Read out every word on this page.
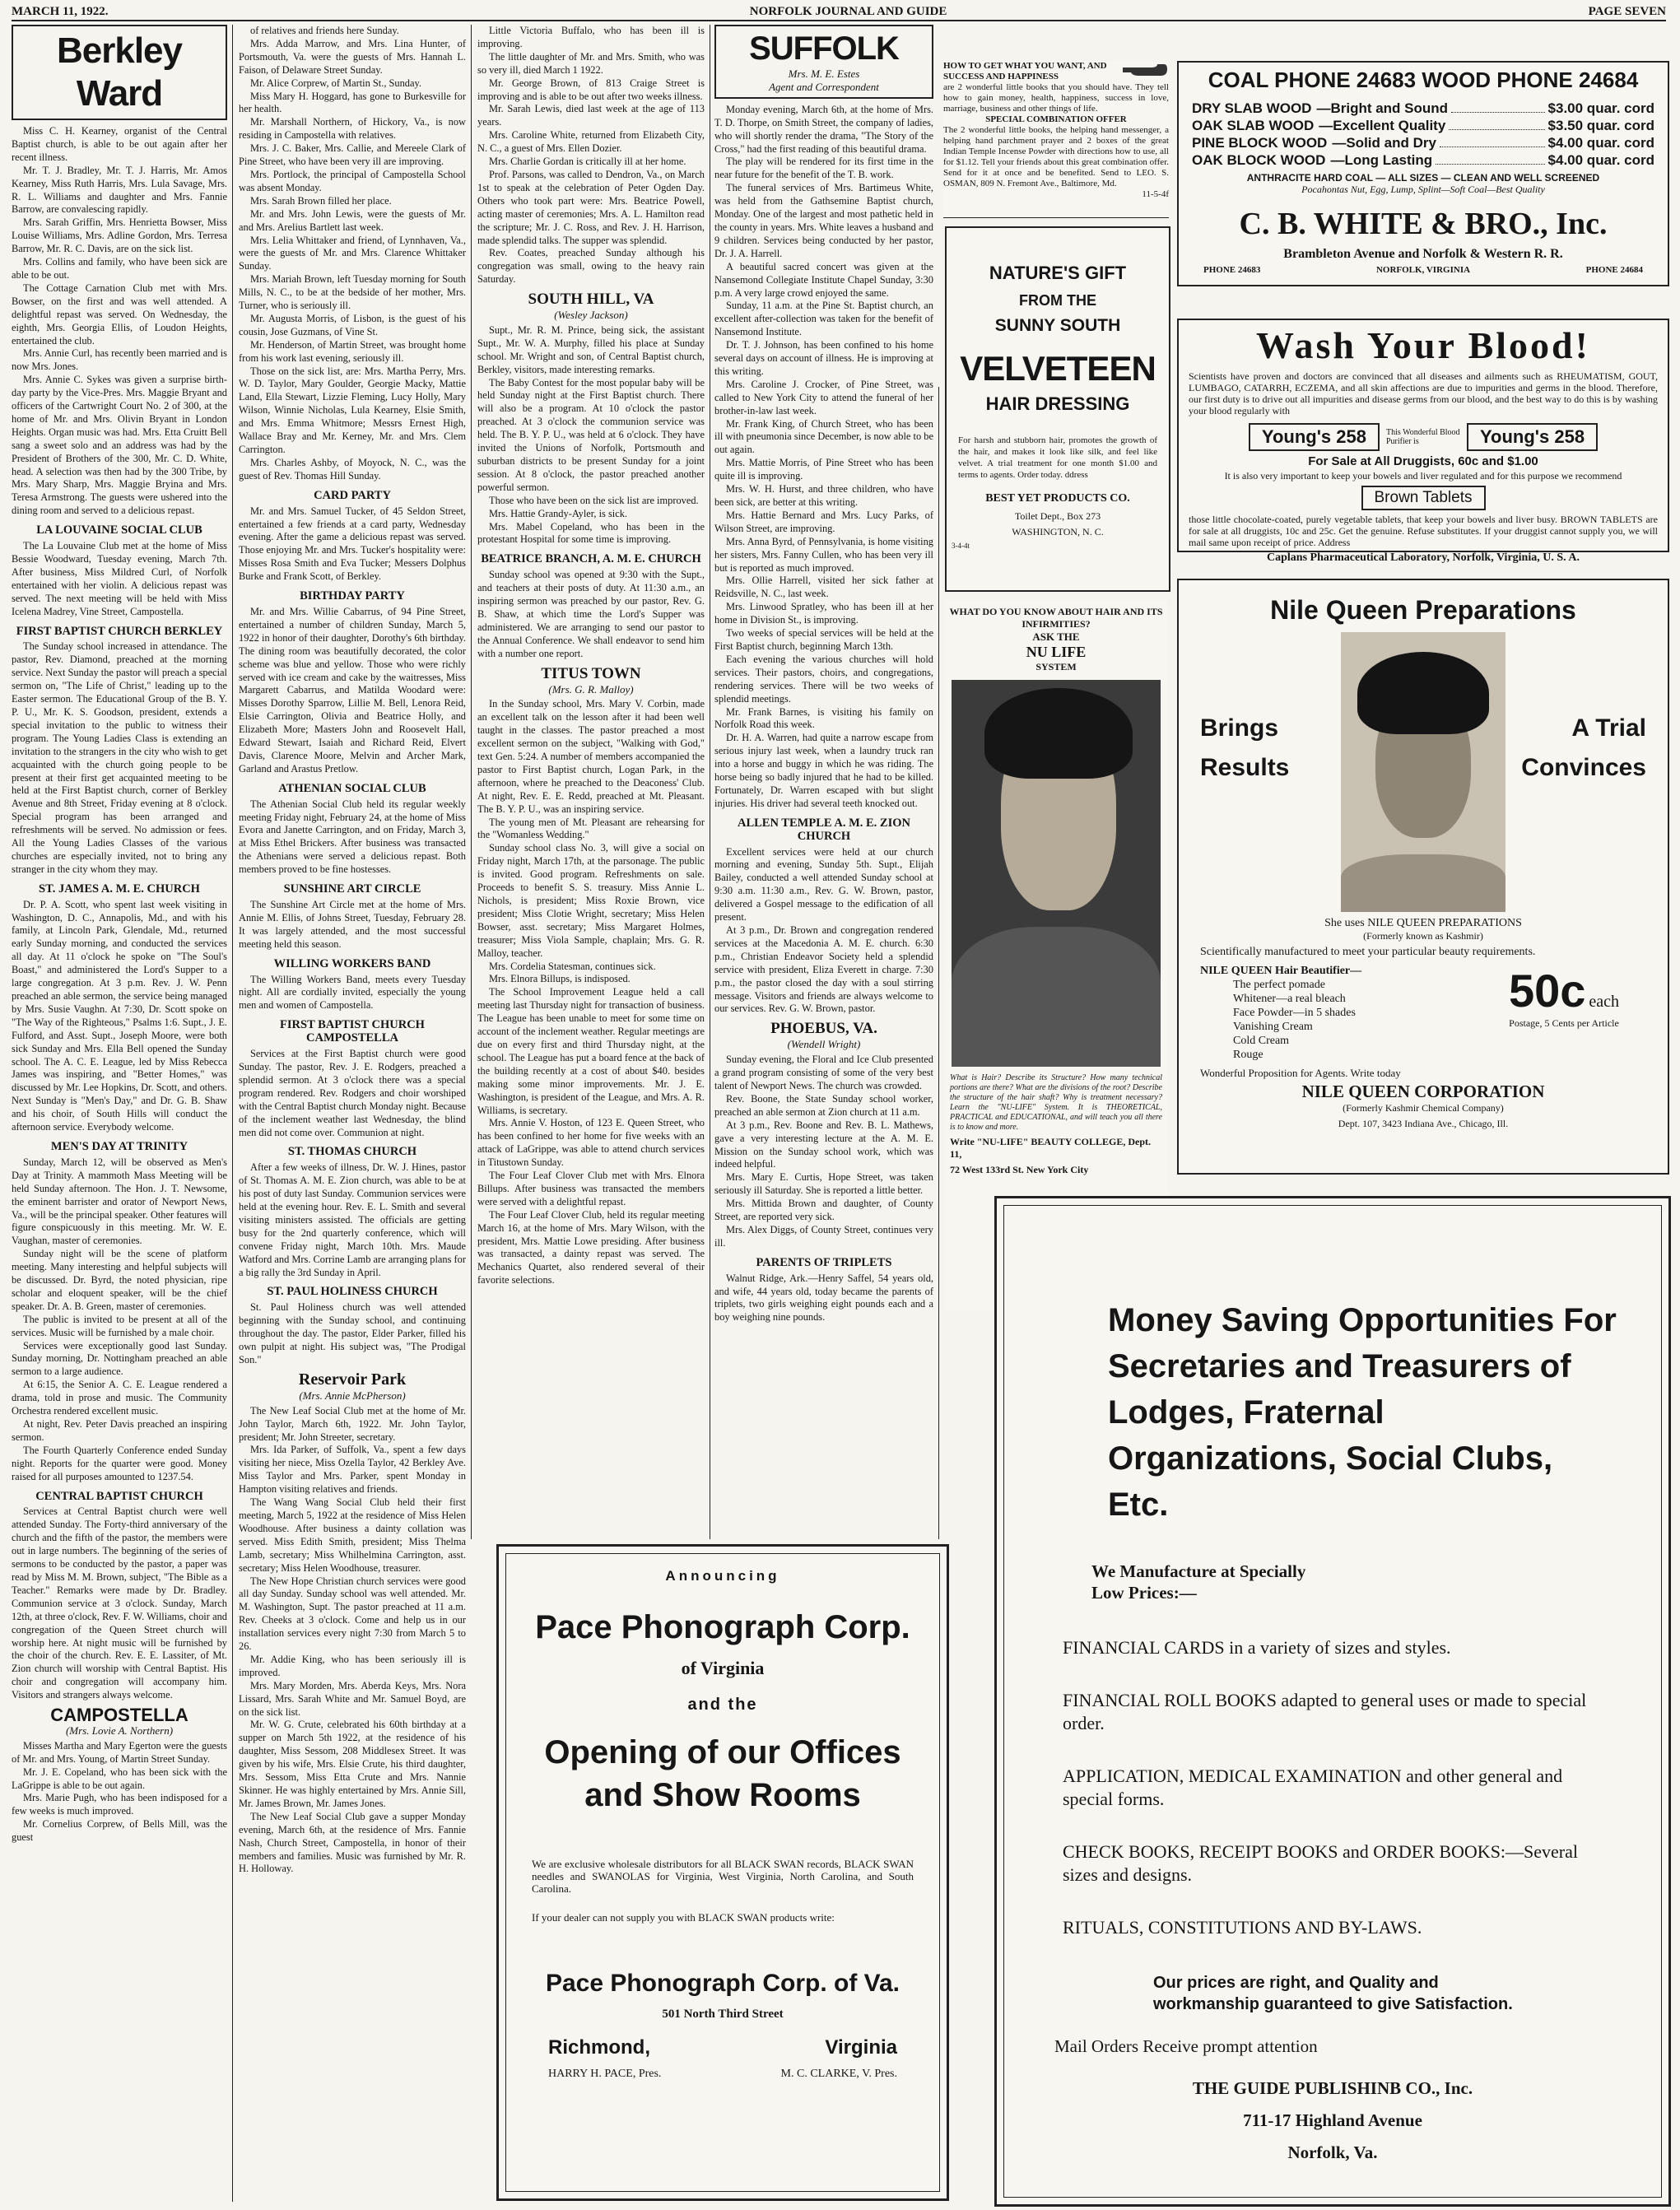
MARCH 11, 1922.	NORFOLK JOURNAL AND GUIDE	PAGE SEVEN
Berkley Ward

Miss C. H. Kearney, organist of the Central Baptist church, is able to be out again after her recent illness.

Mr. T. J. Bradley, Mr. T. J. Harris, Mr. Amos Kearney, Miss Ruth Harris, Mrs. Lula Savage, Mrs. R. L. Williams and daughter and Mrs. Fannie Barrow, are convalescing rapidly.

Mrs. Sarah Griffin, Mrs. Henrietta Bowser, Miss Louise Williams, Mrs. Adline Gordon, Mrs. Terresa Barrow, Mr. R. C. Davis, are on the sick list.

Mrs. Collins and family, who have been sick are able to be out.

The Cottage Carnation Club met with Mrs. Bowser, on the first and was well attended. A delightful repast was served. On Wednesday, the eighth, Mrs. Georgia Ellis, of Loudon Heights, entertained the club.

Mrs. Annie Curl, has recently been married and is now Mrs. Jones.

Mrs. Annie C. Sykes was given a surprise birth-day party by the Vice-Pres. Mrs. Maggie Bryant and officers of the Cartwright Court No. 2 of 300, at the home of Mr. and Mrs. Olivin Bryant in London Heights. Organ music was had. Mrs. Etta Cruitt Bell sang a sweet solo and an address was had by the President of Brothers of the 300, Mr. C. D. White, head. A selection was then had by the 300 Tribe, by Mrs. Mary Sharp, Mrs. Maggie Bryina and Mrs. Teresa Armstrong. The guests were ushered into the dining room and served to a delicious repast.

LA LOUVAINE SOCIAL CLUB

The La Louvaine Club met at the home of Miss Bessie Woodward, Tuesday evening, March 7th. After business, Miss Mildred Curl, of Norfolk entertained with her violin. A delicious repast was served. The next meeting will be held with Miss Icelena Madrey, Vine Street, Campostella.

FIRST BAPTIST CHURCH BERKLEY

The Sunday school increased in attendance. The pastor, Rev. Diamond, preached at the morning service. Next Sunday the pastor will preach a special sermon on, "The Life of Christ," leading up to the Easter sermon. The Educational Group of the B. Y. P. U., Mr. K. S. Goodson, president, extends a special invitation to the public to witness their program. The Young Ladies Class is extending an invitation to the strangers in the city who wish to get acquainted with the church going people to be present at their first get acquainted meeting to be held at the First Baptist church, corner of Berkley Avenue and 8th Street, Friday evening at 8 o'clock. Special program has been arranged and refreshments will be served. No admission or fees. All the Young Ladies Classes of the various churches are especially invited, not to bring any stranger in the city whom they may.

ST. JAMES A. M. E. CHURCH

Dr. P. A. Scott, who spent last week visiting in Washington, D. C., Annapolis, Md., and with his family, at Lincoln Park, Glendale, Md., returned early Sunday morning, and conducted the services all day. At 11 o'clock he spoke on "The Soul's Boast," and administered the Lord's Supper to a large congregation. At 3 p.m. Rev. J. W. Penn preached an able sermon, the service being managed by Mrs. Susie Vaughn. At 7:30, Dr. Scott spoke on "The Way of the Righteous," Psalms 1:6. Supt., J. E. Fulford, and Asst. Supt., Joseph Moore, were both sick Sunday and Mrs. Ella Bell opened the Sunday school. The A. C. E. League, led by Miss Rebecca James was inspiring, and "Better Homes," was discussed by Mr. Lee Hopkins, Dr. Scott, and others. Next Sunday is "Men's Day," and Dr. G. B. Shaw and his choir, of South Hills will conduct the afternoon service. Everybody welcome.

MEN'S DAY AT TRINITY

Sunday, March 12, will be observed as Men's Day at Trinity. A mammoth Mass Meeting will be held Sunday afternoon. The Hon. J. T. Newsome, the eminent barrister and orator of Newport News, Va., will be the principal speaker. Other features will figure conspicuously in this meeting. Mr. W. E. Vaughan, master of ceremonies.

Sunday night will be the scene of platform meeting. Many interesting and helpful subjects will be discussed. Dr. Byrd, the noted physician, ripe scholar and eloquent speaker, will be the chief speaker. Dr. A. B. Green, master of ceremonies.

The public is invited to be present at all of the services. Music will be furnished by a male choir.

Services were exceptionally good last Sunday. Sunday morning, Dr. Nottingham preached an able sermon to a large audience.

At 6:15, the Senior A. C. E. League rendered a drama, told in prose and music. The Community Orchestra rendered excellent music.

At night, Rev. Peter Davis preached an inspiring sermon.

The Fourth Quarterly Conference ended Sunday night. Reports for the quarter were good. Money raised for all purposes amounted to 1237.54.

CENTRAL BAPTIST CHURCH

Services at Central Baptist church were well attended Sunday. The Forty-third anniversary of the church and the fifth of the pastor, the members were out in large numbers. The beginning of the series of sermons to be conducted by the pastor, a paper was read by Miss M. M. Brown, subject, "The Bible as a Teacher." Remarks were made by Dr. Bradley. Communion service at 3 o'clock. Sunday, March 12th, at three o'clock, Rev. F. W. Williams, choir and congregation of the Queen Street church will worship here. At night music will be furnished by the choir of the church. Rev. E. E. Lassiter, of Mt. Zion church will worship with Central Baptist. His choir and congregation will accompany him. Visitors and strangers always welcome.

CAMPOSTELLA
(Mrs. Lovie A. Northern)

Misses Martha and Mary Egerton were the guests of Mr. and Mrs. Young, of Martin Street Sunday.

Mr. J. E. Copeland, who has been sick with the LaGrippe is able to be out again.

Mrs. Marie Pugh, who has been indisposed for a few weeks is much improved.

Mr. Cornelius Corprew, of Bells Mill, was the guest

of relatives and friends here Sunday.

Mrs. Adda Marrow, and Mrs. Lina Hunter, of Portsmouth, Va. were the guests of Mrs. Hannah L. Faison, of Delaware Street Sunday.

Mr. Alice Corprew, of Martin St., Sunday.

Miss Mary H. Hoggard, has gone to Burkesville for her health.

Mr. Marshall Northern, of Hickory, Va., is now residing in Campostella with relatives.

Mrs. J. C. Baker, Mrs. Callie, and Mereele Clark of Pine Street, who have been very ill are improving.

Mrs. Portlock, the principal of Campostella School was absent Monday.

Mrs. Sarah Brown filled her place.

Mr. and Mrs. John Lewis, were the guests of Mr. and Mrs. Arelius Bartlett last week.

Mrs. Lelia Whittaker and friend, of Lynnhaven, Va., were the guests of Mr. and Mrs. Clarence Whittaker Sunday.

Mrs. Mariah Brown, left Tuesday morning for South Mills, N. C., to be at the bedside of her mother, Mrs. Turner, who is seriously ill.

Mr. Augusta Morris, of Lisbon, is the guest of his cousin, Jose Guzmans, of Vine St.

Mr. Henderson, of Martin Street, was brought home from his work last evening, seriously ill.

Those on the sick list, are: Mrs. Martha Perry, Mrs. W. D. Taylor, Mary Goulder, Georgie Macky, Mattie Land, Ella Stewart, Lizzie Fleming, Lucy Holly, Mary Wilson, Winnie Nicholas, Lula Kearney, Elsie Smith, and Mrs. Emma Whitmore; Messrs Ernest High, Wallace Bray and Mr. Kerney, Mr. and Mrs. Clem Carrington.

Mrs. Charles Ashby, of Moyock, N. C., was the guest of Rev. Thomas Hill Sunday.

CARD PARTY

Mr. and Mrs. Samuel Tucker, of 45 Seldon Street, entertained a few friends at a card party, Wednesday evening. After the game a delicious repast was served. Those enjoying Mr. and Mrs. Tucker's hospitality were: Misses Rosa Smith and Eva Tucker; Messers Dolphus Burke and Frank Scott, of Berkley.

BIRTHDAY PARTY

Mr. and Mrs. Willie Cabarrus, of 94 Pine Street, entertained a number of children Sunday, March 5, 1922 in honor of their daughter, Dorothy's 6th birthday. The dining room was beautifully decorated, the color scheme was blue and yellow. Those who were richly served with ice cream and cake by the waitresses, Miss Margarett Cabarrus, and Matilda Woodard were: Misses Dorothy Sparrow, Lillie M. Bell, Lenora Reid, Elsie Carrington, Olivia and Beatrice Holly, and Elizabeth More; Masters John and Roosevelt Hall, Edward Stewart, Isaiah and Richard Reid, Elvert Davis, Clarence Moore, Melvin and Archer Mark, Garland and Arastus Pretlow.

ATHENIAN SOCIAL CLUB

The Athenian Social Club held its regular weekly meeting Friday night, February 24, at the home of Miss Evora and Janette Carrington, and on Friday, March 3, at Miss Ethel Brickers. After business was transacted the Athenians were served a delicious repast. Both members proved to be fine hostesses.

SUNSHINE ART CIRCLE

The Sunshine Art Circle met at the home of Mrs. Annie M. Ellis, of Johns Street, Tuesday, February 28. It was largely attended, and the most successful meeting held this season.

WILLING WORKERS BAND

The Willing Workers Band, meets every Tuesday night. All are cordially invited, especially the young men and women of Campostella.

FIRST BAPTIST CHURCH CAMPOSTELLA

Services at the First Baptist church were good Sunday. The pastor, Rev. J. E. Rodgers, preached a splendid sermon. At 3 o'clock there was a special program rendered. Rev. Rodgers and choir worshiped with the Central Baptist church Monday night. Because of the inclement weather last Wednesday, the blind men did not come over. Communion at night.

ST. THOMAS CHURCH

After a few weeks of illness, Dr. W. J. Hines, pastor of St. Thomas A. M. E. Zion church, was able to be at his post of duty last Sunday. Communion services were held at the evening hour. Rev. E. L. Smith and several visiting ministers assisted. The officials are getting busy for the 2nd quarterly conference, which will convene Friday night, March 10th. Mrs. Maude Watford and Mrs. Corrine Lamb are arranging plans for a big rally the 3rd Sunday in April.

ST. PAUL HOLINESS CHURCH

St. Paul Holiness church was well attended beginning with the Sunday school, and continuing throughout the day. The pastor, Elder Parker, filled his own pulpit at night. His subject was, "The Prodigal Son."

Reservoir Park
(Mrs. Annie McPherson)

The New Leaf Social Club met at the home of Mr. John Taylor, March 6th, 1922. Mr. John Taylor, president; Mr. John Streeter, secretary.

Mrs. Ida Parker, of Suffolk, Va., spent a few days visiting her niece, Miss Ozella Taylor, 42 Berkley Ave. Miss Taylor and Mrs. Parker, spent Monday in Hampton visiting relatives and friends.

The Wang Wang Social Club held their first meeting, March 5, 1922 at the residence of Miss Helen Woodhouse. After business a dainty collation was served. Miss Edith Smith, president; Miss Thelma Lamb, secretary; Miss Whilhelmina Carrington, asst. secretary; Miss Helen Woodhouse, treasurer.

The New Hope Christian church services were good all day Sunday. Sunday school was well attended. Mr. M. Washington, Supt. The pastor preached at 11 a.m. Rev. Cheeks at 3 o'clock. Come and help us in our installation services every night 7:30 from March 5 to 26.

Mr. Addie King, who has been seriously ill is improved.

Mrs. Mary Morden, Mrs. Aberda Keys, Mrs. Nora Lissard, Mrs. Sarah White and Mr. Samuel Boyd, are on the sick list.

Mr. W. G. Crute, celebrated his 60th birthday at a supper on March 5th 1922, at the residence of his daughter, Miss Sessom, 208 Middlesex Street. It was given by his wife, Mrs. Elsie Crute, his third daughter, Mrs. Sessom, Miss Etta Crute and Mrs. Nannie Skinner. He was highly entertained by Mrs. Annie Sill, Mr. James Brown, Mr. James Jones.

The New Leaf Social Club gave a supper Monday evening, March 6th, at the residence of Mrs. Fannie Nash, Church Street, Campostella, in honor of their members and families. Music was furnished by Mr. R. H. Holloway.

Little Victoria Buffalo, who has been ill is improving.

The little daughter of Mr. and Mrs. Smith, who was so very ill, died March 1 1922.

Mr. George Brown, of 813 Craige Street is improving and is able to be out after two weeks illness.

Mr. Sarah Lewis, died last week at the age of 113 years.

Mrs. Caroline White, returned from Elizabeth City, N. C., a guest of Mrs. Ellen Dozier.

Mrs. Charlie Gordan is critically ill at her home.

Prof. Parsons, was called to Dendron, Va., on March 1st to speak at the celebration of Peter Ogden Day. Others who took part were: Mrs. Beatrice Powell, acting master of ceremonies; Mrs. A. L. Hamilton read the scripture; Mr. J. C. Ross, and Rev. J. H. Harrison, made splendid talks. The supper was splendid.

Rev. Coates, preached Sunday although his congregation was small, owing to the heavy rain Saturday.

SOUTH HILL, VA
(Wesley Jackson)

Supt., Mr. R. M. Prince, being sick, the assistant Supt., Mr. W. A. Murphy, filled his place at Sunday school. Mr. Wright and son, of Central Baptist church, Berkley, visitors, made interesting remarks.

The Baby Contest for the most popular baby will be held Sunday night at the First Baptist church. There will also be a program. At 10 o'clock the pastor preached. At 3 o'clock the communion service was held. The B. Y. P. U., was held at 6 o'clock. They have invited the Unions of Norfolk, Portsmouth and suburban districts to be present Sunday for a joint session. At 8 o'clock, the pastor preached another powerful sermon.

Those who have been on the sick list are improved.

Mrs. Hattie Grandy-Ayler, is sick.

Mrs. Mabel Copeland, who has been in the protestant Hospital for some time is improving.

BEATRICE BRANCH, A. M. E. CHURCH

Sunday school was opened at 9:30 with the Supt., and teachers at their posts of duty. At 11:30 a.m., an inspiring sermon was preached by our pastor, Rev. G. B. Shaw, at which time the Lord's Supper was administered. We are arranging to send our pastor to the Annual Conference. We shall endeavor to send him with a number one report.

TITUS TOWN
(Mrs. G. R. Malloy)

In the Sunday school, Mrs. Mary V. Corbin, made an excellent talk on the lesson after it had been well taught in the classes. The pastor preached a most excellent sermon on the subject, "Walking with God," text Gen. 5:24. A number of members accompanied the pastor to First Baptist church, Logan Park, in the afternoon, where he preached to the Deaconess' Club. At night, Rev. E. E. Redd, preached at Mt. Pleasant. The B. Y. P. U., was an inspiring service.

The young men of Mt. Pleasant are rehearsing for the "Womanless Wedding."

Sunday school class No. 3, will give a social on Friday night, March 17th, at the parsonage. The public is invited. Good program. Refreshments on sale. Proceeds to benefit S. S. treasury. Miss Annie L. Nichols, is president; Miss Roxie Brown, vice president; Miss Clotie Wright, secretary; Miss Helen Bowser, asst. secretary; Miss Margaret Holmes, treasurer; Miss Viola Sample, chaplain; Mrs. G. R. Malloy, teacher.

Mrs. Cordelia Statesman, continues sick.

Mrs. Elnora Billups, is indisposed.

The School Improvement League held a call meeting last Thursday night for transaction of business. The League has been unable to meet for some time on account of the inclement weather. Regular meetings are due on every first and third Thursday night, at the school. The League has put a board fence at the back of the building recently at a cost of about $40. besides making some minor improvements. Mr. J. E. Washington, is president of the League, and Mrs. A. R. Williams, is secretary.

Mrs. Annie V. Hoston, of 123 E. Queen Street, who has been confined to her home for five weeks with an attack of LaGrippe, was able to attend church services in Titustown Sunday.

The Four Leaf Clover Club met with Mrs. Elnora Billups. After business was transacted the members were served with a delightful repast.

The Four Leaf Clover Club, held its regular meeting March 16, at the home of Mrs. Mary Wilson, with the president, Mrs. Mattie Lowe presiding. After business was transacted, a dainty repast was served. The Mechanics Quartet, also rendered several of their favorite selections.

SUFFOLK
Mrs. M. E. Estes
Agent and Correspondent

Monday evening, March 6th, at the home of Mrs. T. D. Thorpe, on Smith Street, the company of ladies, who will shortly render the drama, "The Story of the Cross," had the first reading of this beautiful drama.

The play will be rendered for its first time in the near future for the benefit of the T. B. work.

The funeral services of Mrs. Bartimeus White, was held from the Gathsemine Baptist church, Monday. One of the largest and most pathetic held in the county in years. Mrs. White leaves a husband and 9 children. Services being conducted by her pastor, Dr. J. A. Harrell.

A beautiful sacred concert was given at the Nansemond Collegiate Institute Chapel Sunday, 3:30 p.m. A very large crowd enjoyed the same.

Sunday, 11 a.m. at the Pine St. Baptist church, an excellent after-collection was taken for the benefit of Nansemond Institute.

Dr. T. J. Johnson, has been confined to his home several days on account of illness. He is improving at this writing.

Mrs. Caroline J. Crocker, of Pine Street, was called to New York City to attend the funeral of her brother-in-law last week.

Mr. Frank King, of Church Street, who has been ill with pneumonia since December, is now able to be out again.

Mrs. Mattie Morris, of Pine Street who has been quite ill is improving.

Mrs. W. H. Hurst, and three children, who have been sick, are better at this writing.

Mrs. Hattie Bernard and Mrs. Lucy Parks, of Wilson Street, are improving.

Mrs. Anna Byrd, of Pennsylvania, is home visiting her sisters, Mrs. Fanny Cullen, who has been very ill but is reported as much improved.

Mrs. Ollie Harrell, visited her sick father at Reidsville, N. C., last week.

Mrs. Linwood Spratley, who has been ill at her home in Division St., is improving.

Two weeks of special services will be held at the First Baptist church, beginning March 13th.

Each evening the various churches will hold services. Their pastors, choirs, and congregations, rendering services. There will be two weeks of splendid meetings.

Mr. Frank Barnes, is visiting his family on Norfolk Road this week.

Dr. H. A. Warren, had quite a narrow escape from serious injury last week, when a laundry truck ran into a horse and buggy in which he was riding. The horse being so badly injured that he had to be killed. Fortunately, Dr. Warren escaped with but slight injuries. His driver had several teeth knocked out.

ALLEN TEMPLE A. M. E. ZION CHURCH

Excellent services were held at our church morning and evening, Sunday 5th. Supt., Elijah Bailey, conducted a well attended Sunday school at 9:30 a.m. 11:30 a.m., Rev. G. W. Brown, pastor, delivered a Gospel message to the edification of all present.

At 3 p.m., Dr. Brown and congregation rendered services at the Macedonia A. M. E. church. 6:30 p.m., Christian Endeavor Society held a splendid service with president, Eliza Everett in charge. 7:30 p.m., the pastor closed the day with a soul stirring message. Visitors and friends are always welcome to our services. Rev. G. W. Brown, pastor.

PHOEBUS, VA.
(Wendell Wright)

Sunday evening, the Floral and Ice Club presented a grand program consisting of some of the very best talent of Newport News. The church was crowded.

Rev. Boone, the State Sunday school worker, preached an able sermon at Zion church at 11 a.m.

At 3 p.m., Rev. Boone and Rev. B. L. Mathews, gave a very interesting lecture at the A. M. E. Mission on the Sunday school work, which was indeed helpful.

Mrs. Mary E. Curtis, Hope Street, was taken seriously ill Saturday. She is reported a little better.

Mrs. Mittida Brown and daughter, of County Street, are reported very sick.

Mrs. Alex Diggs, of County Street, continues very ill.

PARENTS OF TRIPLETS

Walnut Ridge, Ark.—Henry Saffel, 54 years old, and wife, 44 years old, today became the parents of triplets, two girls weighing eight pounds each and a boy weighing nine pounds.

HOW TO GET WHAT YOU WANT, AND SUCCESS AND HAPPINESS
are 2 wonderful little books that you should have. They tell how to gain money, health, happiness, success in love, marriage, business and other things of life.
SPECIAL COMBINATION OFFER
The 2 wonderful little books, the helping hand messenger, a helping hand parchment prayer and 2 boxes of the great Indian Temple Incense Powder with directions how to use, all for $1.12. Tell your friends about this great combination offer. Send for it at once and be benefited. Send to LEO. S. OSMAN, 809 N. Fremont Ave., Baltimore, Md.
11-5-4f
NATURE'S GIFT
FROM THE
SUNNY SOUTH
VELVETEEN
HAIR DRESSING
For harsh and stubborn hair, promotes the growth of the hair, and makes it look like silk, and feel like velvet. A trial treatment for one month $1.00 and terms to agents. Order today. ddress
BEST YET PRODUCTS CO.
Toilet Dept., Box 273
WASHINGTON, N. C.
3-4-4t
WHAT DO YOU KNOW ABOUT HAIR AND ITS INFIRMITIES?
ASK THE
NU LIFE
SYSTEM
What is Hair? Describe its Structure? How many technical portions are there? What are the divisions of the root? Describe the structure of the hair shaft? Why is treatment necessary? Learn the "NU-LIFE" System. It is THEORETICAL, PRACTICAL and EDUCATIONAL, and will teach you all there is to know and more.
Write "NU-LIFE" BEAUTY COLLEGE, Dept. 11,
72 West 133rd St. New York City
COAL PHONE 24683 WOOD PHONE 24684
DRY SLAB WOOD — Bright and Sound	$3.00 quar. cord
OAK SLAB WOOD — Excellent Quality	$3.50 quar. cord
PINE BLOCK WOOD — Solid and Dry	$4.00 quar. cord
OAK BLOCK WOOD — Long Lasting	$4.00 quar. cord
ANTHRACITE HARD COAL — ALL SIZES — CLEAN AND WELL SCREENED
Pocahontas Nut, Egg, Lump, Splint—Soft Coal—Best Quality
C. B. WHITE & BRO., Inc.
Brambleton Avenue and Norfolk & Western R. R.
PHONE 24683	NORFOLK, VIRGINIA	PHONE 24684
Wash Your Blood!
Scientists have proven and doctors are convinced that all diseases and ailments such as RHEUMATISM, GOUT, LUMBAGO, CATARRH, ECZEMA, and all skin affections are due to impurities and germs in the blood. Therefore, our first duty is to drive out all impurities and disease germs from our blood, and the best way to do this is by washing your blood regularly with
Young's 258	This Wonderful Blood Purifier is	Young's 258
For Sale at All Druggists, 60c and $1.00
It is also very important to keep your bowels and liver regulated and for this purpose we recommend
Brown Tablets
those little chocolate-coated, purely vegetable tablets, that keep your bowels and liver busy. BROWN TABLETS are for sale at all druggists, 10c and 25c. Get the genuine. Refuse substitutes. If your druggist cannot supply you, we will mail same upon receipt of price. Address
Caplans Pharmaceutical Laboratory, Norfolk, Virginia, U. S. A.
Nile Queen Preparations
Brings
Results
A Trial
Convinces
She uses NILE QUEEN PREPARATIONS
(Formerly known as Kashmir)
Scientifically manufactured to meet your particular beauty requirements.
NILE QUEEN Hair Beautifier—
The perfect pomade
Whitener—a real bleach
Face Powder—in 5 shades
Vanishing Cream
Cold Cream
Rouge
50c each
Postage, 5 Cents per Article
Wonderful Proposition for Agents. Write today
NILE QUEEN CORPORATION
(Formerly Kashmir Chemical Company)
Dept. 107, 3423 Indiana Ave., Chicago, Ill.
Announcing
Pace Phonograph Corp.
of Virginia
and the
Opening of our Offices and Show Rooms
We are exclusive wholesale distributors for all BLACK SWAN records, BLACK SWAN needles and SWANOLAS for Virginia, West Virginia, North Carolina, and South Carolina.
If your dealer can not supply you with BLACK SWAN products write:
Pace Phonograph Corp. of Va.
501 North Third Street
Richmond,	Virginia
HARRY H. PACE, Pres.	M. C. CLARKE, V. Pres.
Money Saving Opportunities For Secretaries and Treasurers of Lodges, Fraternal Organizations, Social Clubs, Etc.
We Manufacture at Specially Low Prices:—
FINANCIAL CARDS in a variety of sizes and styles.
FINANCIAL ROLL BOOKS adapted to general uses or made to special order.
APPLICATION, MEDICAL EXAMINATION and other general and special forms.
CHECK BOOKS, RECEIPT BOOKS and ORDER BOOKS:—Several sizes and designs.
RITUALS, CONSTITUTIONS AND BY-LAWS.
Our prices are right, and Quality and workmanship guaranteed to give Satisfaction.
Mail Orders Receive prompt attention
THE GUIDE PUBLISHINB CO., Inc.
711-17 Highland Avenue
Norfolk, Va.
